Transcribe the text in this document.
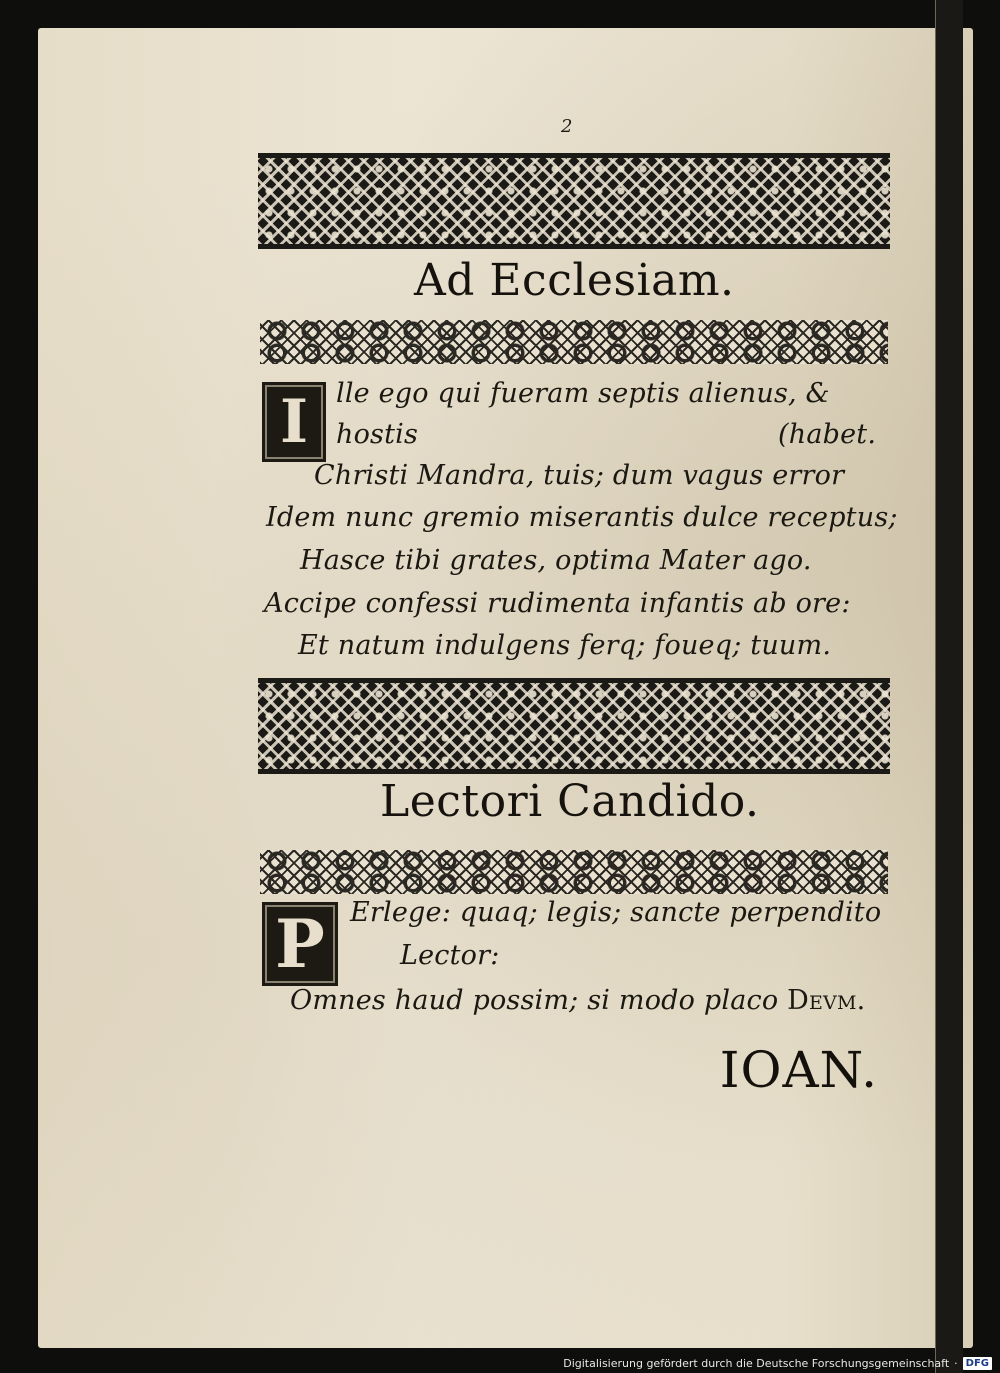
2
Ad Ecclesiam.
I	lle ego qui fueram septis alienus, &
hostis	(habet.
Christi Mandra, tuis; dum vagus error
Idem nunc gremio miserantis dulce receptus;
Hasce tibi grates, optima Mater ago.
Accipe confessi rudimenta infantis ab ore:
Et natum indulgens ferq; foueq; tuum.
Lectori Candido.
P Erlege: quaq; legis; sancte perpendito
Lector:
Omnes haud possim; si modo placo Devm.
IOAN.
Digitalisierung gefördert durch die Deutsche Forschungsgemeinschaft · DFG
